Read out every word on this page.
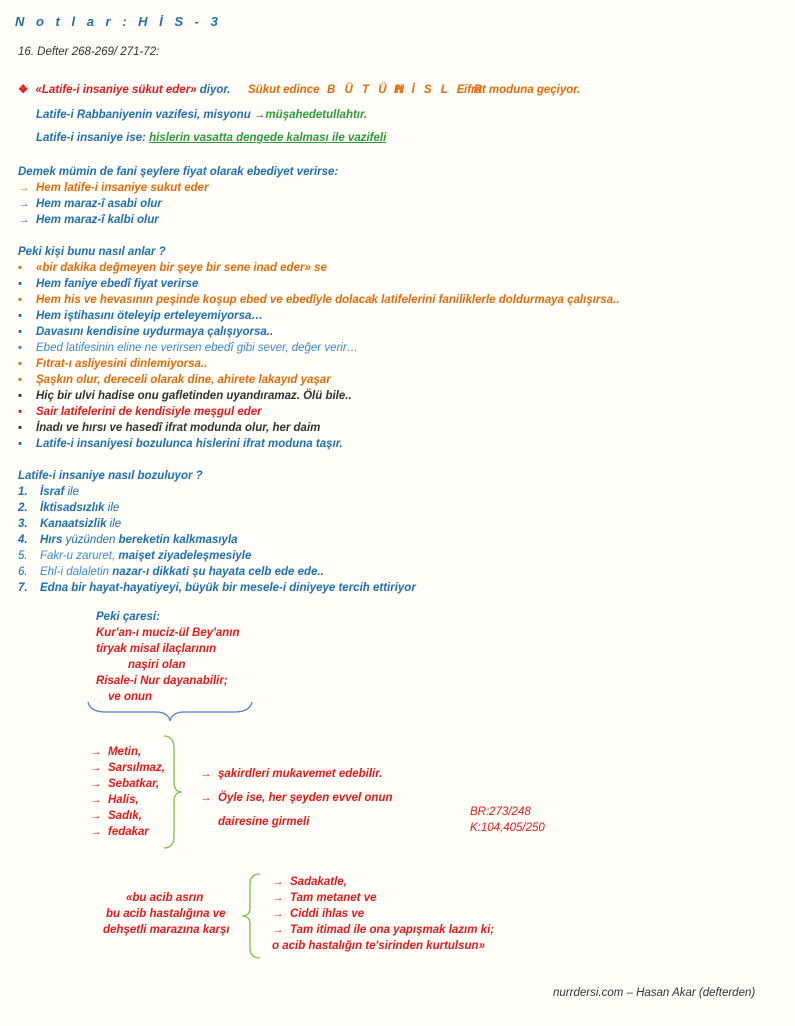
N o t l a r : H İ S - 3
16. Defter 268-269/ 271-72:
❖ «Latife-i insaniye sükut eder» diyor. Sükut edince B Ü T Ü N
H İ S L E R
ifrat moduna geçiyor.
Latife-i Rabbaniyenin vazifesi, misyonu →müşahedetullahtır.
Latife-i insaniye ise: hislerin vasatta dengede kalması ile vazifeli
Demek mümin de fani şeylere fiyat olarak ebediyet verirse:
→ Hem latife-i insaniye sukut eder
→ Hem maraz-î asabi olur
→ Hem maraz-î kalbi olur
Peki kişi bunu nasıl anlar ?
▪ «bir dakika değmeyen bir şeye bir sene inad eder» se
▪ Hem faniye ebedî fiyat verirse
▪ Hem his ve hevasının peşinde koşup ebed ve ebedîyle dolacak latifelerini faniliklerle doldurmaya çalışırsa..
▪ Hem iştihasını öteleyip erteleyemiyorsa…
▪ Davasını kendisine uydurmaya çalışıyorsa..
▪ Ebed latifesinin eline ne verirsen ebedî gibi sever, değer verir…
▪ Fıtrat-ı asliyesini dinlemiyorsa..
▪ Şaşkın olur, dereceli olarak dine, ahirete lakayıd yaşar
▪ Hiç bir ulvi hadise onu gafletinden uyandıramaz. Ölü bile..
▪ Sair latifelerini de kendisiyle meşgul eder
▪ İnadı ve hırsı ve hasedî ifrat modunda olur, her daim
▪ Latife-i insaniyesi bozulunca hislerini ifrat moduna taşır.
Latife-i insaniye nasıl bozuluyor ?
1. İsraf ile
2. İktisadsızlık ile
3. Kanaatsizlik ile
4. Hırs yüzünden bereketin kalkmasıyla
5. Fakr-u zaruret, maişet ziyadeleşmesiyle
6. Ehl-i dalaletin nazar-ı dikkati şu hayata celb ede ede..
7. Edna bir hayat-hayatiyeyi, büyük bir mesele-i diniyeye tercih ettiriyor
Peki çaresi:
Kur'an-ı muciz-ül Bey'anın
tiryak misal ilaçlarının
naşiri olan
Risale-i Nur dayanabilir;
ve onun
→ Metin,
→ Sarsılmaz,
→ Sebatkar,
→ Halis,
→ Sadık,
→ fedakar
→ şakirdleri mukavemet edebilir.
→ Öyle ise, her şeyden evvel onun
dairesine girmeli
BR:273/248
K:104,405/250
«bu acib asrın
bu acib hastalığına ve
dehşetli marazına karşı
→ Sadakatle,
→ Tam metanet ve
→ Ciddi ihlas ve
→ Tam itimad ile ona yapışmak lazım ki;
o acib hastalığın te'sirinden kurtulsun»
nurrdersi.com – Hasan Akar (defterden)
